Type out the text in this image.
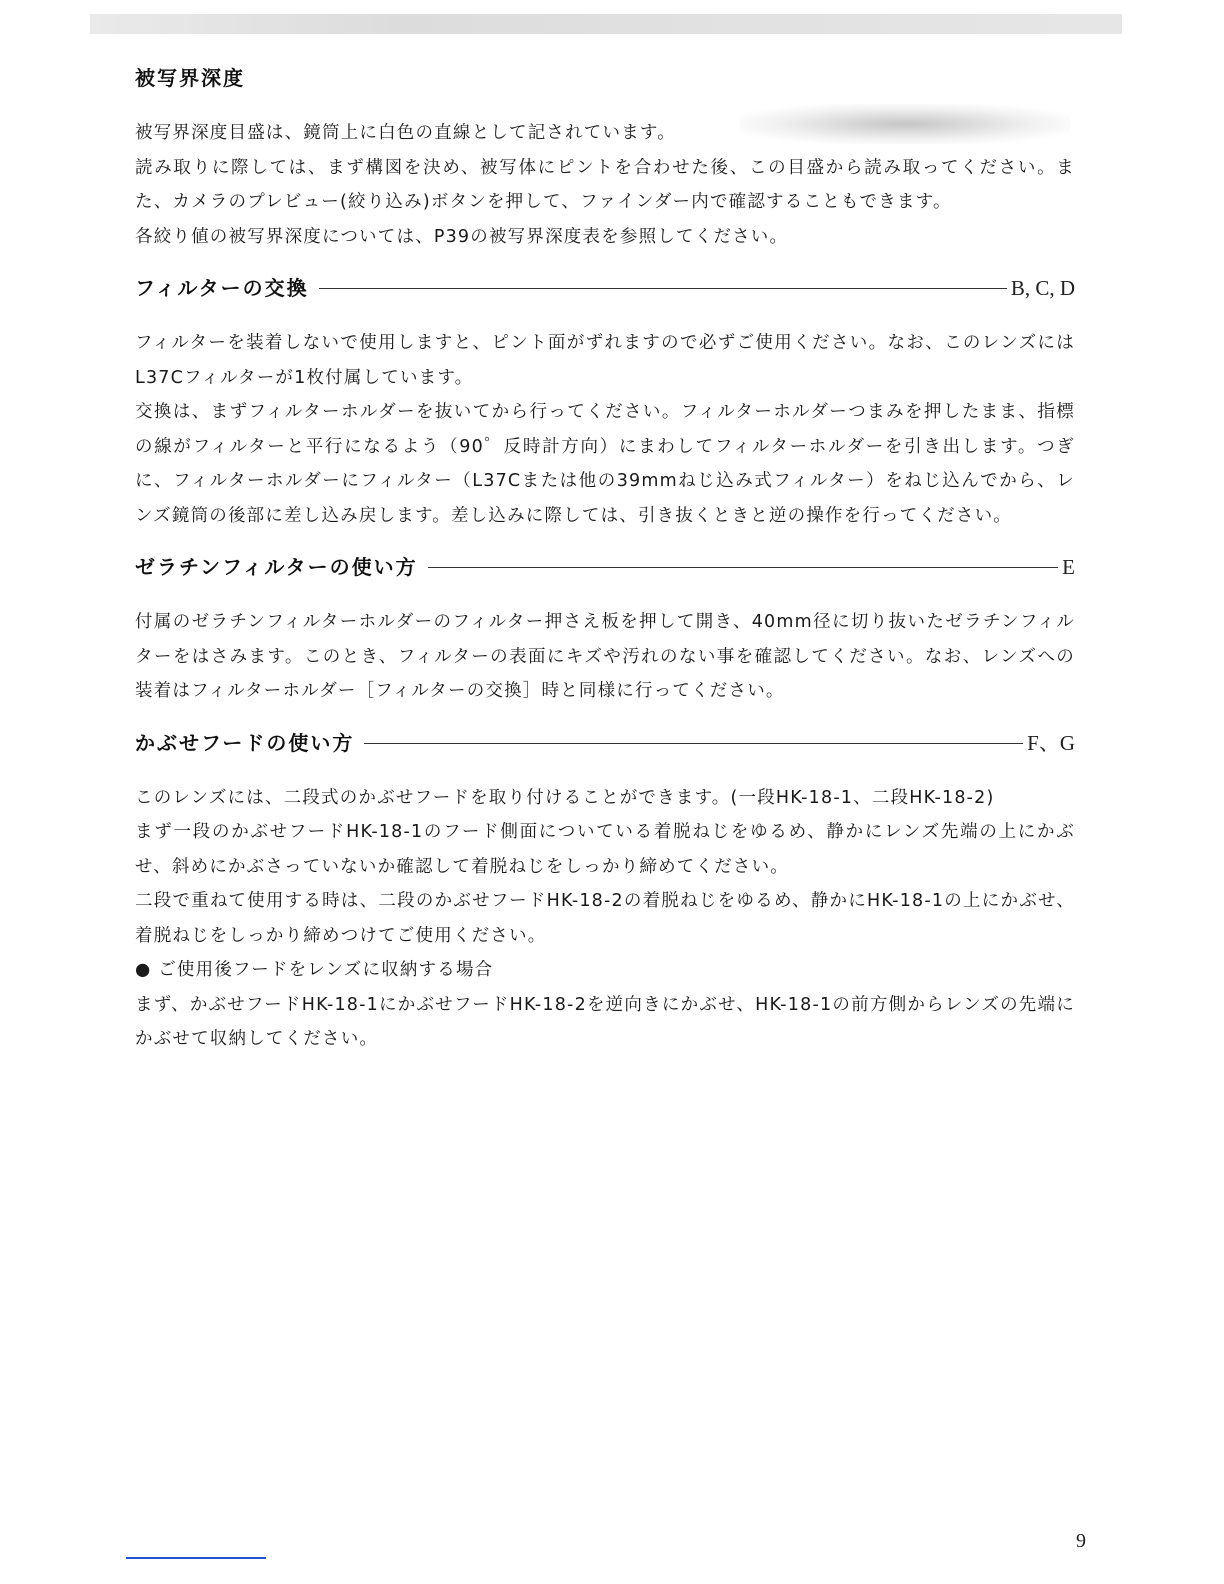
被写界深度

被写界深度目盛は、鏡筒上に白色の直線として記されています。

読み取りに際しては、まず構図を決め、被写体にピントを合わせた後、この目盛から読み取ってください。また、カメラのプレビュー(絞り込み)ボタンを押して、ファインダー内で確認することもできます。

各絞り値の被写界深度については、P39の被写界深度表を参照してください。

フィルターの交換	B, C, D

フィルターを装着しないで使用しますと、ピント面がずれますので必ずご使用ください。なお、このレンズにはL37Cフィルターが1枚付属しています。

交換は、まずフィルターホルダーを抜いてから行ってください。フィルターホルダーつまみを押したまま、指標の線がフィルターと平行になるよう（90゜反時計方向）にまわしてフィルターホルダーを引き出します。つぎに、フィルターホルダーにフィルター（L37Cまたは他の39mmねじ込み式フィルター）をねじ込んでから、レンズ鏡筒の後部に差し込み戻します。差し込みに際しては、引き抜くときと逆の操作を行ってください。

ゼラチンフィルターの使い方	E

付属のゼラチンフィルターホルダーのフィルター押さえ板を押して開き、40mm径に切り抜いたゼラチンフィルターをはさみます。このとき、フィルターの表面にキズや汚れのない事を確認してください。なお、レンズへの装着はフィルターホルダー［フィルターの交換］時と同様に行ってください。

かぶせフードの使い方	F、G

このレンズには、二段式のかぶせフードを取り付けることができます。(一段HK-18-1、二段HK-18-2)

まず一段のかぶせフードHK-18-1のフード側面についている着脱ねじをゆるめ、静かにレンズ先端の上にかぶせ、斜めにかぶさっていないか確認して着脱ねじをしっかり締めてください。

二段で重ねて使用する時は、二段のかぶせフードHK-18-2の着脱ねじをゆるめ、静かにHK-18-1の上にかぶせ、着脱ねじをしっかり締めつけてご使用ください。

● ご使用後フードをレンズに収納する場合

まず、かぶせフードHK-18-1にかぶせフードHK-18-2を逆向きにかぶせ、HK-18-1の前方側からレンズの先端にかぶせて収納してください。

9
